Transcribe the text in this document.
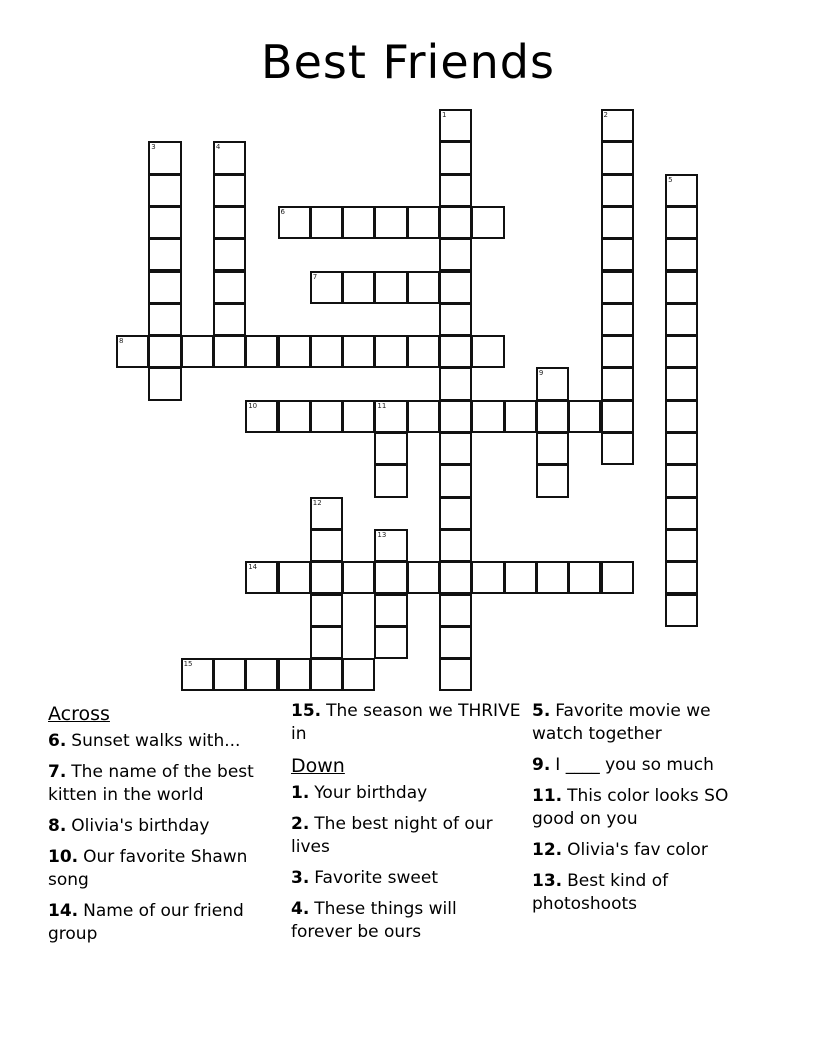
Best Friends
1	2
3	4
5
6
7
8
9
10	11
12
13
14
15
Across
6. Sunset walks with...
7. The name of the best kitten in the world
8. Olivia's birthday
10. Our favorite Shawn song
14. Name of our friend group
15. The season we THRIVE in
Down
1. Your birthday
2. The best night of our lives
3. Favorite sweet
4. These things will forever be ours
5. Favorite movie we watch together
9. I ____ you so much
11. This color looks SO good on you
12. Olivia's fav color
13. Best kind of photoshoots
